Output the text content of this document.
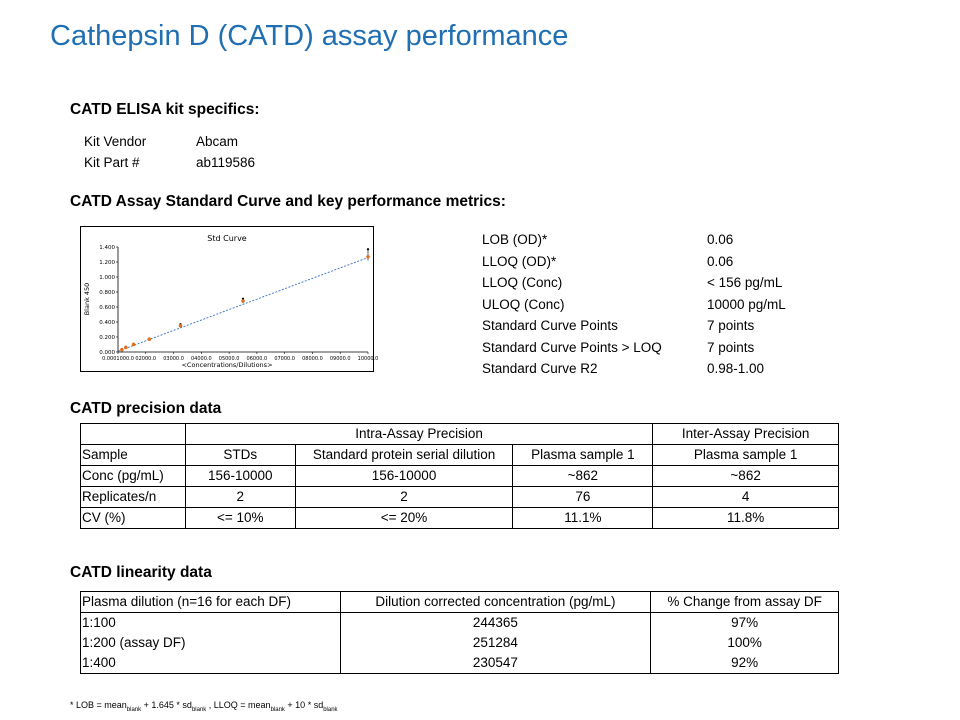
Cathepsin D (CATD) assay performance
CATD ELISA kit specifics:
Kit Vendor	Abcam
Kit Part #	ab119586
CATD Assay Standard Curve and key performance metrics:
Std Curve
<Concentrations/Dilutions>
Blank 450
0.000
0.200
0.400
0.600
0.800
1.000
1.200
1.400
0.0001000.0 02000.0 03000.0 04000.0 05000.0 06000.0 07000.0 08000.0 09000.0 10000.0
LOB (OD)*	0.06
LLOQ (OD)*	0.06
LLOQ (Conc)	< 156 pg/mL
ULOQ (Conc)	10000 pg/mL
Standard Curve Points	7 points
Standard Curve Points > LOQ	7 points
Standard Curve R2	0.98-1.00
CATD precision data
	Intra-Assay Precision			Inter-Assay Precision
Sample	STDs	Standard protein serial dilution	Plasma sample 1	Plasma sample 1
Conc (pg/mL)	156-10000	156-10000	~862	~862
Replicates/n	2	2	76	4
CV (%)	<= 10%	<= 20%	11.1%	11.8%
CATD linearity data
Plasma dilution (n=16 for each DF)	Dilution corrected concentration (pg/mL)	% Change from assay DF
1:100	244365	97%
1:200 (assay DF)	251284	100%
1:400	230547	92%
* LOB = mean$_{blank}$ + $1.645 * sd_{blank}$ , LLOQ = mean$_{blank}$ + $10 * sd_{blank}$
